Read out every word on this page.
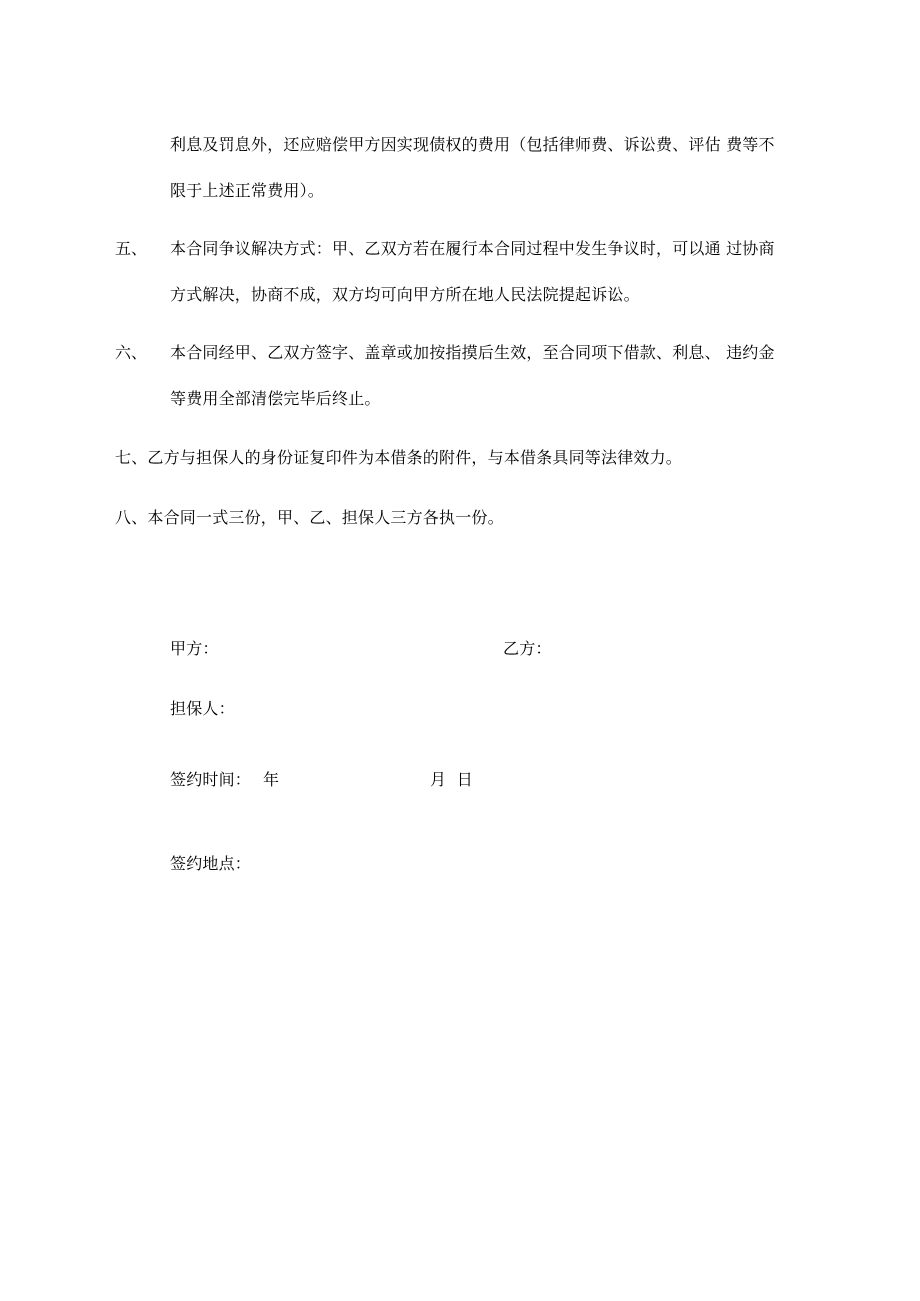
利息及罚息外，还应赔偿甲方因实现债权的费用（包括律师费、诉讼费、评估 费等不
限于上述正常费用）。
五、 本合同争议解决方式：甲、乙双方若在履行本合同过程中发生争议时，可以通 过协商
方式解决，协商不成，双方均可向甲方所在地人民法院提起诉讼。
六、 本合同经甲、乙双方签字、盖章或加按指摸后生效，至合同项下借款、利息、 违约金
等费用全部清偿完毕后终止。
七、乙方与担保人的身份证复印件为本借条的附件，与本借条具同等法律效力。
八、本合同一式三份，甲、乙、担保人三方各执一份。
甲方：	乙方：
担保人：
签约时间： 年	月  日
签约地点：
